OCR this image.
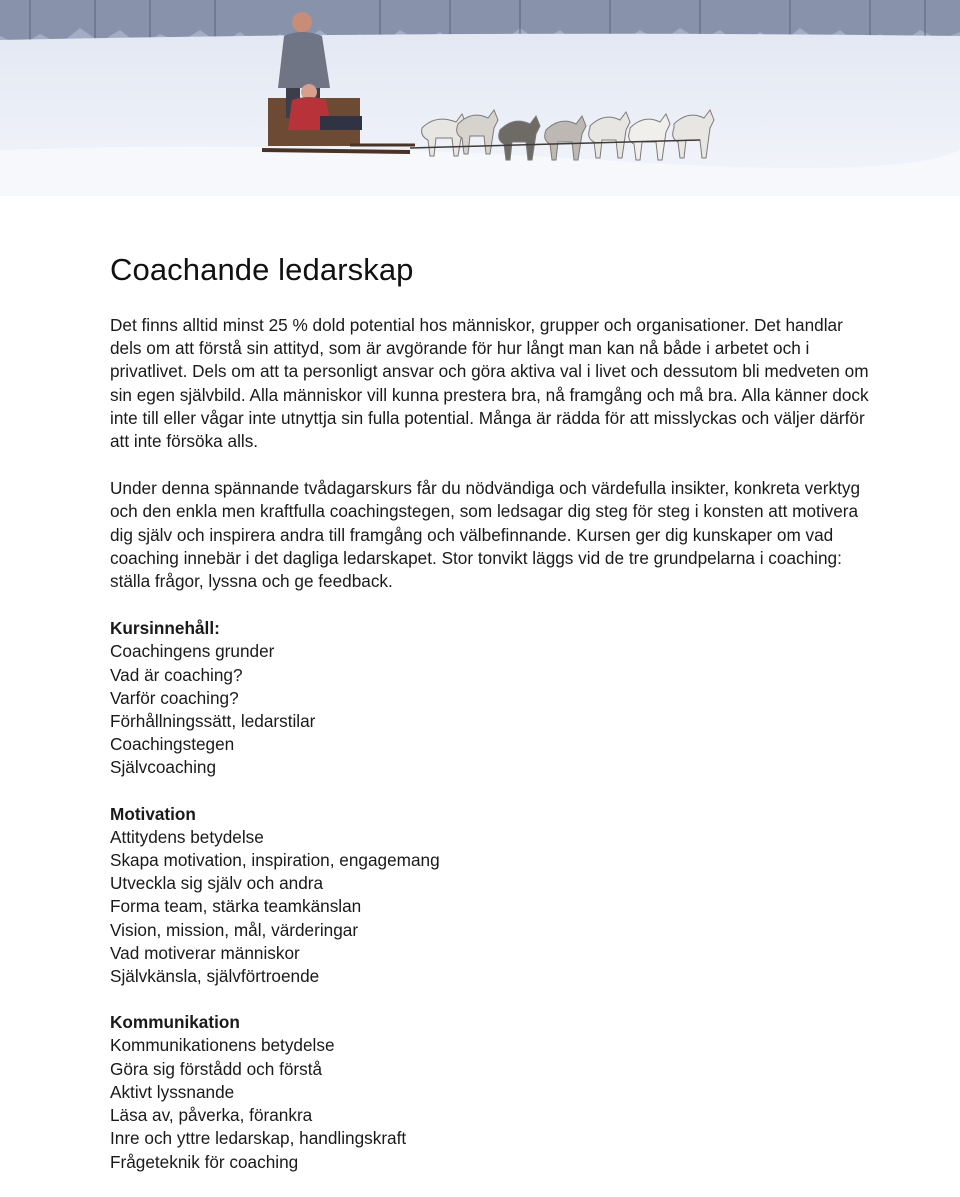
Coachande ledarskap

Det finns alltid minst 25 % dold potential hos människor, grupper och organisationer. Det handlar dels om att förstå sin attityd, som är avgörande för hur långt man kan nå både i arbetet och i privatlivet. Dels om att ta personligt ansvar och göra aktiva val i livet och dessutom bli medveten om sin egen självbild. Alla människor vill kunna prestera bra, nå framgång och må bra. Alla känner dock inte till eller vågar inte utnyttja sin fulla potential. Många är rädda för att misslyckas och väljer därför att inte försöka alls.

Under denna spännande tvådagarskurs får du nödvändiga och värdefulla insikter, konkreta verktyg och den enkla men kraftfulla coachingstegen, som ledsagar dig steg för steg i konsten att motivera dig själv och inspirera andra till framgång och välbefinnande. Kursen ger dig kunskaper om vad coaching innebär i det dagliga ledarskapet. Stor tonvikt läggs vid de tre grundpelarna i coaching: ställa frågor, lyssna och ge feedback.

Kursinnehåll:
Coachingens grunder
Vad är coaching?
Varför coaching?
Förhållningssätt, ledarstilar
Coachingstegen
Självcoaching
Motivation
Attitydens betydelse
Skapa motivation, inspiration, engagemang
Utveckla sig själv och andra
Forma team, stärka teamkänslan
Vision, mission, mål, värderingar
Vad motiverar människor
Självkänsla, självförtroende
Kommunikation
Kommunikationens betydelse
Göra sig förstådd och förstå
Aktivt lyssnande
Läsa av, påverka, förankra
Inre och yttre ledarskap, handlingskraft
Frågeteknik för coaching
